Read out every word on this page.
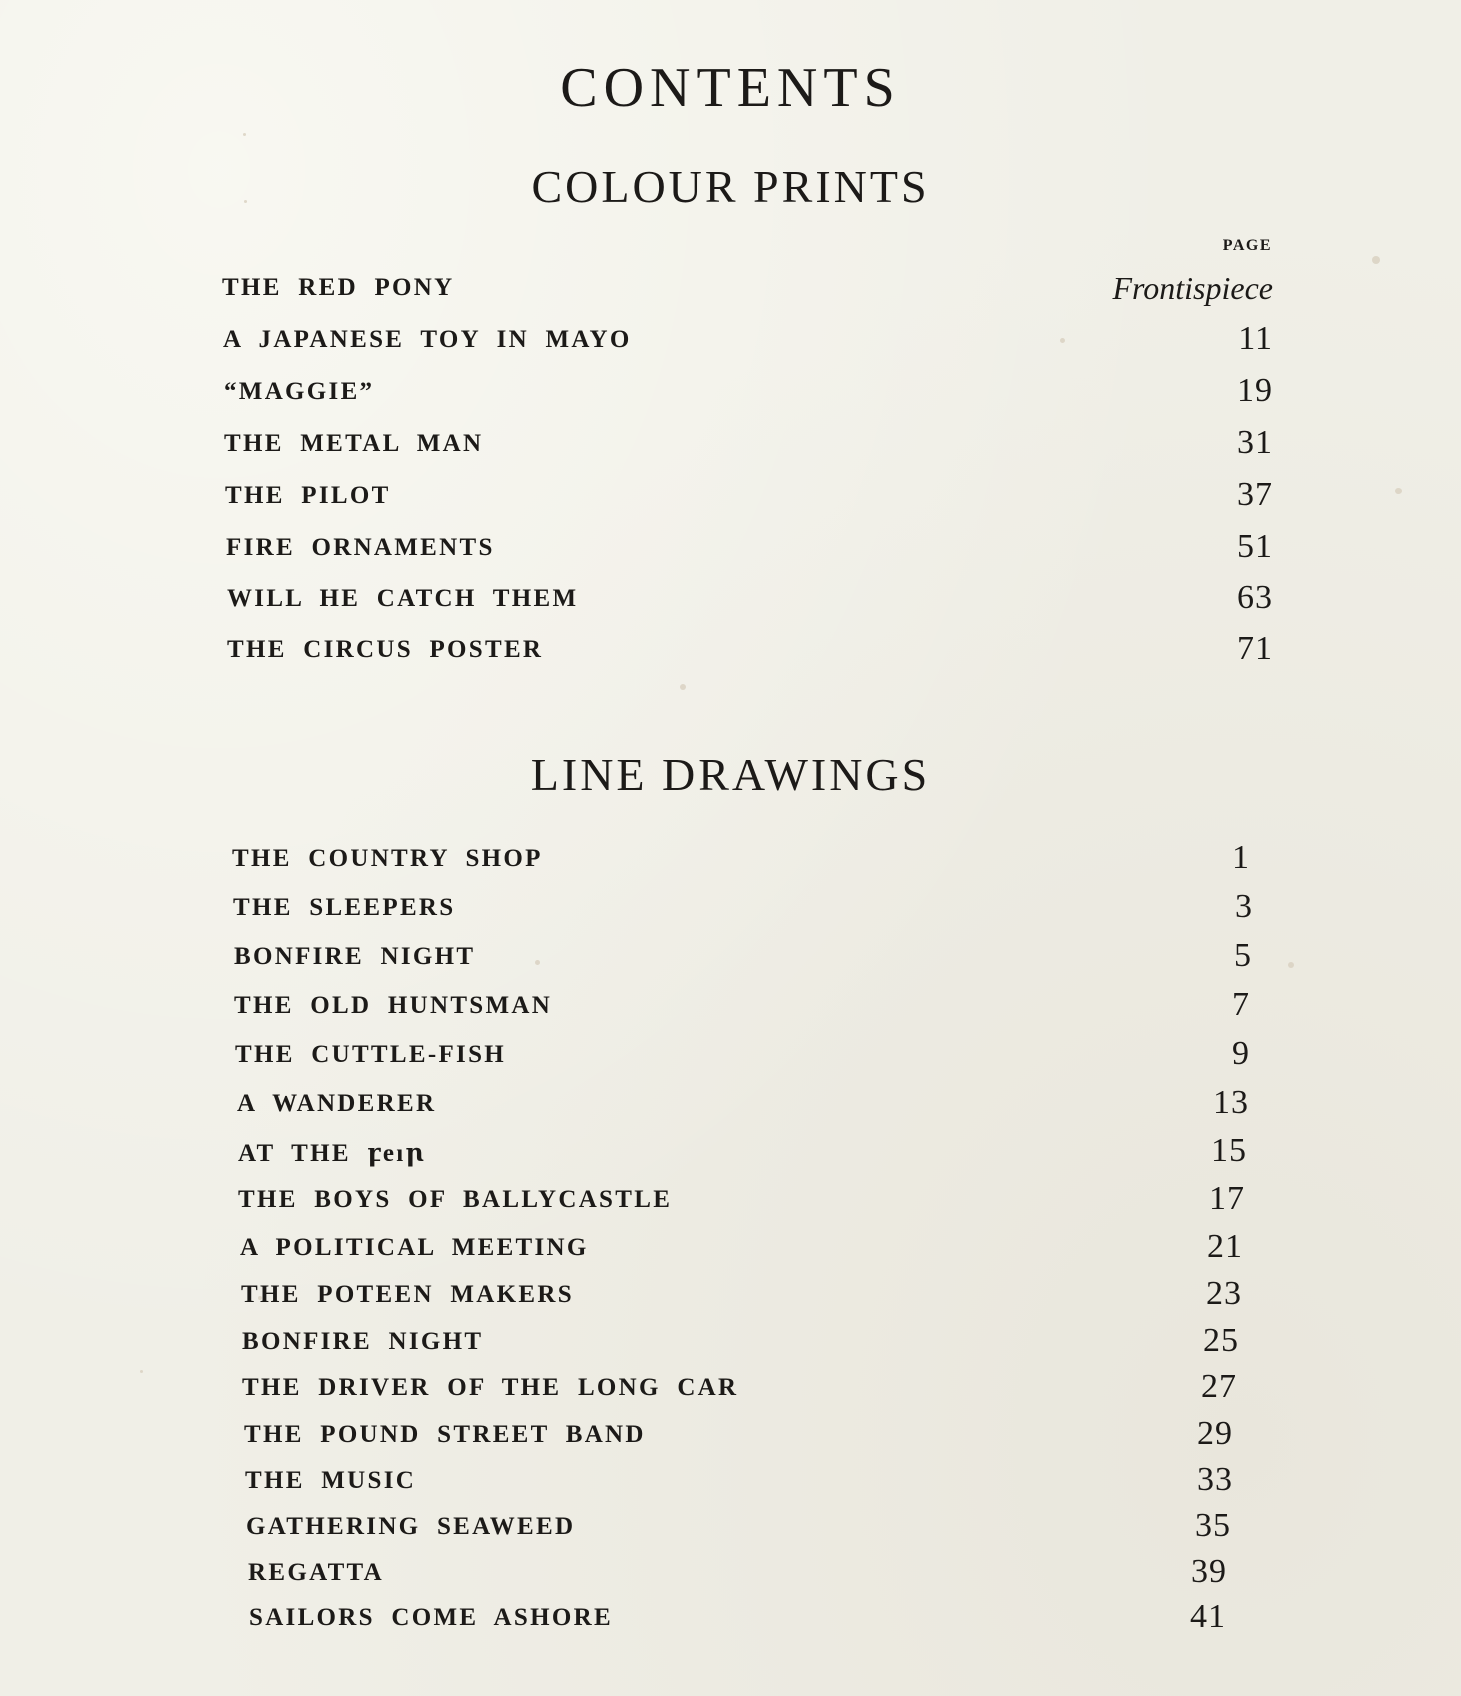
CONTENTS
COLOUR PRINTS
PAGE
THE RED PONY	Frontispiece
A JAPANESE TOY IN MAYO	11
“MAGGIE”	19
THE METAL MAN	31
THE PILOT	37
FIRE ORNAMENTS	51
WILL HE CATCH THEM	63
THE CIRCUS POSTER	71
LINE DRAWINGS
THE COUNTRY SHOP	1
THE SLEEPERS	3
BONFIRE NIGHT	5
THE OLD HUNTSMAN	7
THE CUTTLE-FISH	9
A WANDERER	13
AT THE ꝼeıꞃ	15
THE BOYS OF BALLYCASTLE	17
A POLITICAL MEETING	21
THE POTEEN MAKERS	23
BONFIRE NIGHT	25
THE DRIVER OF THE LONG CAR	27
THE POUND STREET BAND	29
THE MUSIC	33
GATHERING SEAWEED	35
REGATTA	39
SAILORS COME ASHORE	41
